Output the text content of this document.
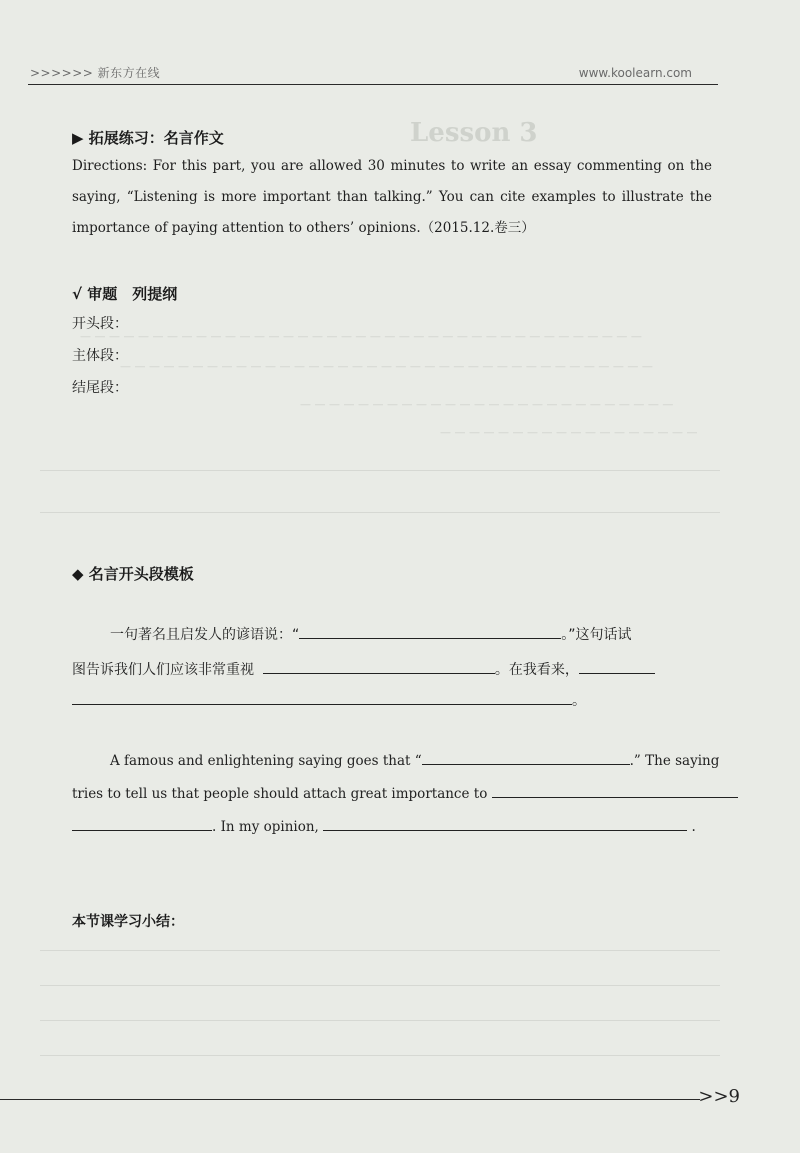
Lesson 3
— — — — — — — — — — — — — — — — — — — — — — — — — — — — — — — — — — — — — — —
— — — — — — — — — — — — — — — — — — — — — — — — — — — — — — — — — — — — —
— — — — — — — — — — — — — — — — — — — — — — — — — —
— — — — — — — — — — — — — — — — — —
>>>>>> 新东方在线	www.koolearn.com
▶ 拓展练习：名言作文
Directions: For this part, you are allowed 30 minutes to write an essay commenting on the saying, “Listening is more important than talking.” You can cite examples to illustrate the importance of paying attention to others’ opinions.（2015.12.卷三）
√ 审题　列提纲
开头段：
主体段：
结尾段：
◆ 名言开头段模板
一句著名且启发人的谚语说：“	。”这句话试
图告诉我们人们应该非常重视	。在我看来，
。
A famous and enlightening saying goes that “	.” The saying
tries to tell us that people should attach great importance to
. In my opinion,	.
本节课学习小结：
>>9
